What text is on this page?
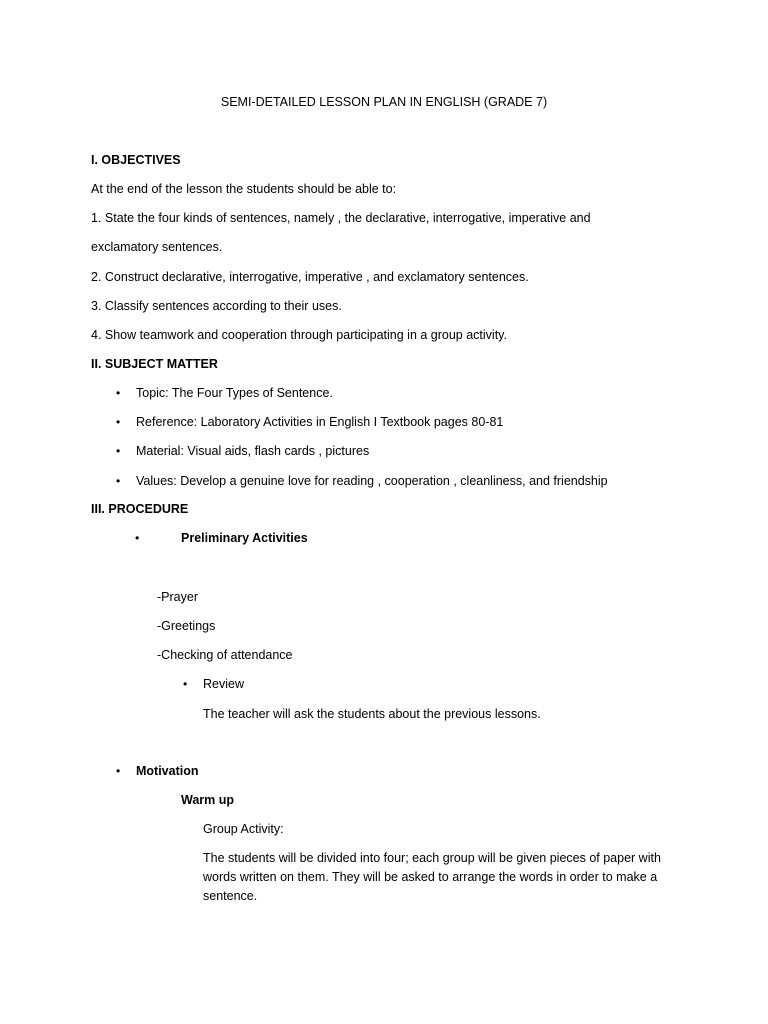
SEMI-DETAILED LESSON PLAN IN ENGLISH (GRADE 7)
I. OBJECTIVES
At the end of the lesson the students should be able to:
1. State the four kinds of sentences, namely , the declarative, interrogative, imperative and
exclamatory sentences.
2. Construct declarative, interrogative, imperative , and exclamatory sentences.
3. Classify sentences according to their uses.
4. Show teamwork and cooperation through participating in a group activity.
II. SUBJECT MATTER
• Topic: The Four Types of Sentence.
• Reference: Laboratory Activities in English I Textbook pages 80-81
• Material: Visual aids, flash cards , pictures
• Values: Develop a genuine love for reading , cooperation , cleanliness, and friendship
III. PROCEDURE
•	Preliminary Activities
-Prayer
-Greetings
-Checking of attendance
• Review
The teacher will ask the students about the previous lessons.
• Motivation
Warm up
Group Activity:
The students will be divided into four; each group will be given pieces of paper with words written on them. They will be asked to arrange the words in order to make a sentence.
